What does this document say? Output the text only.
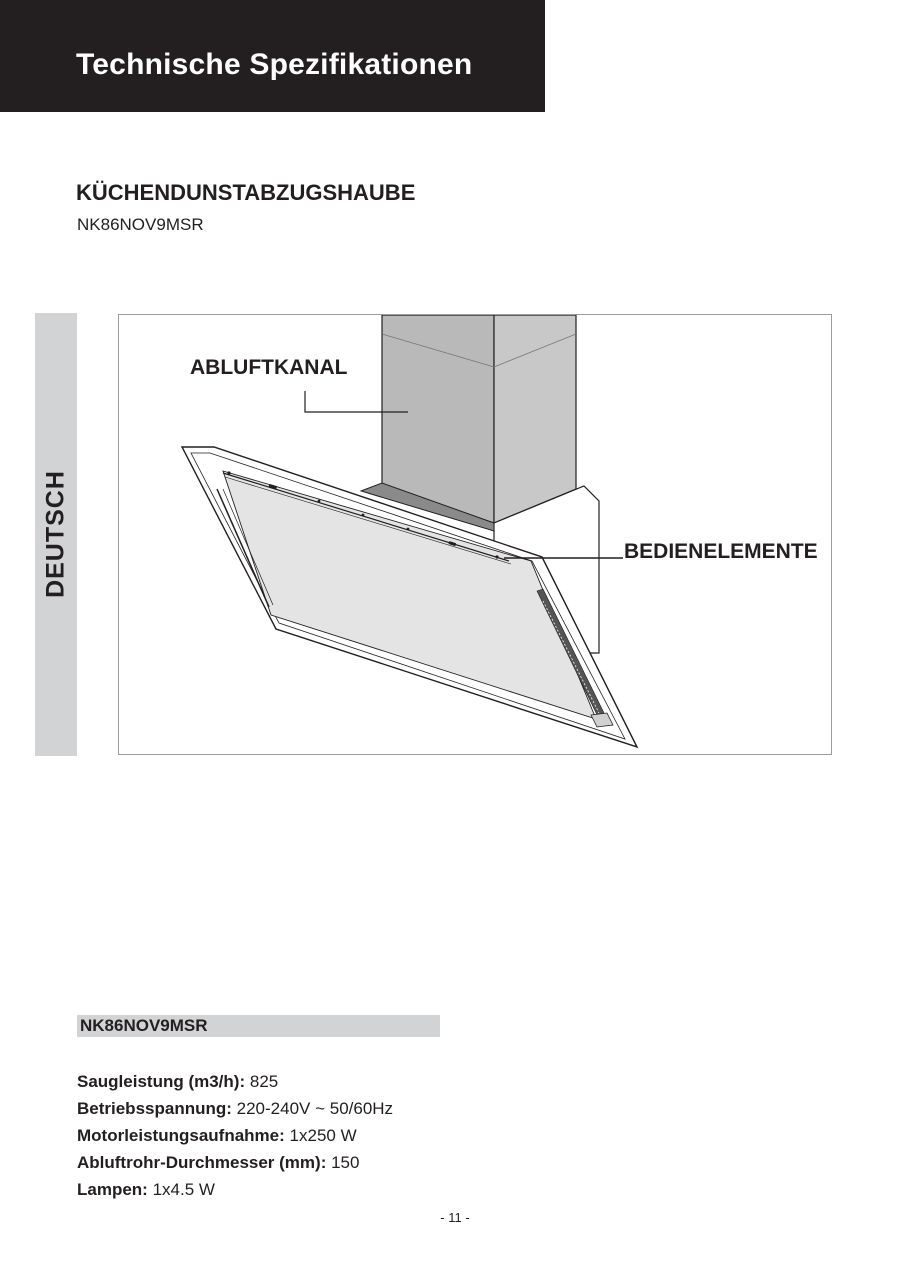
Technische Spezifikationen
KÜCHENDUNSTABZUGSHAUBE
NK86NOV9MSR
DEUTSCH
ABLUFTKANAL
BEDIENELEMENTE
NK86NOV9MSR
Saugleistung (m3/h): 825
Betriebsspannung: 220-240V ~ 50/60Hz
Motorleistungsaufnahme: 1x250 W
Abluftrohr-Durchmesser (mm): 150
Lampen: 1x4.5 W
- 11 -
